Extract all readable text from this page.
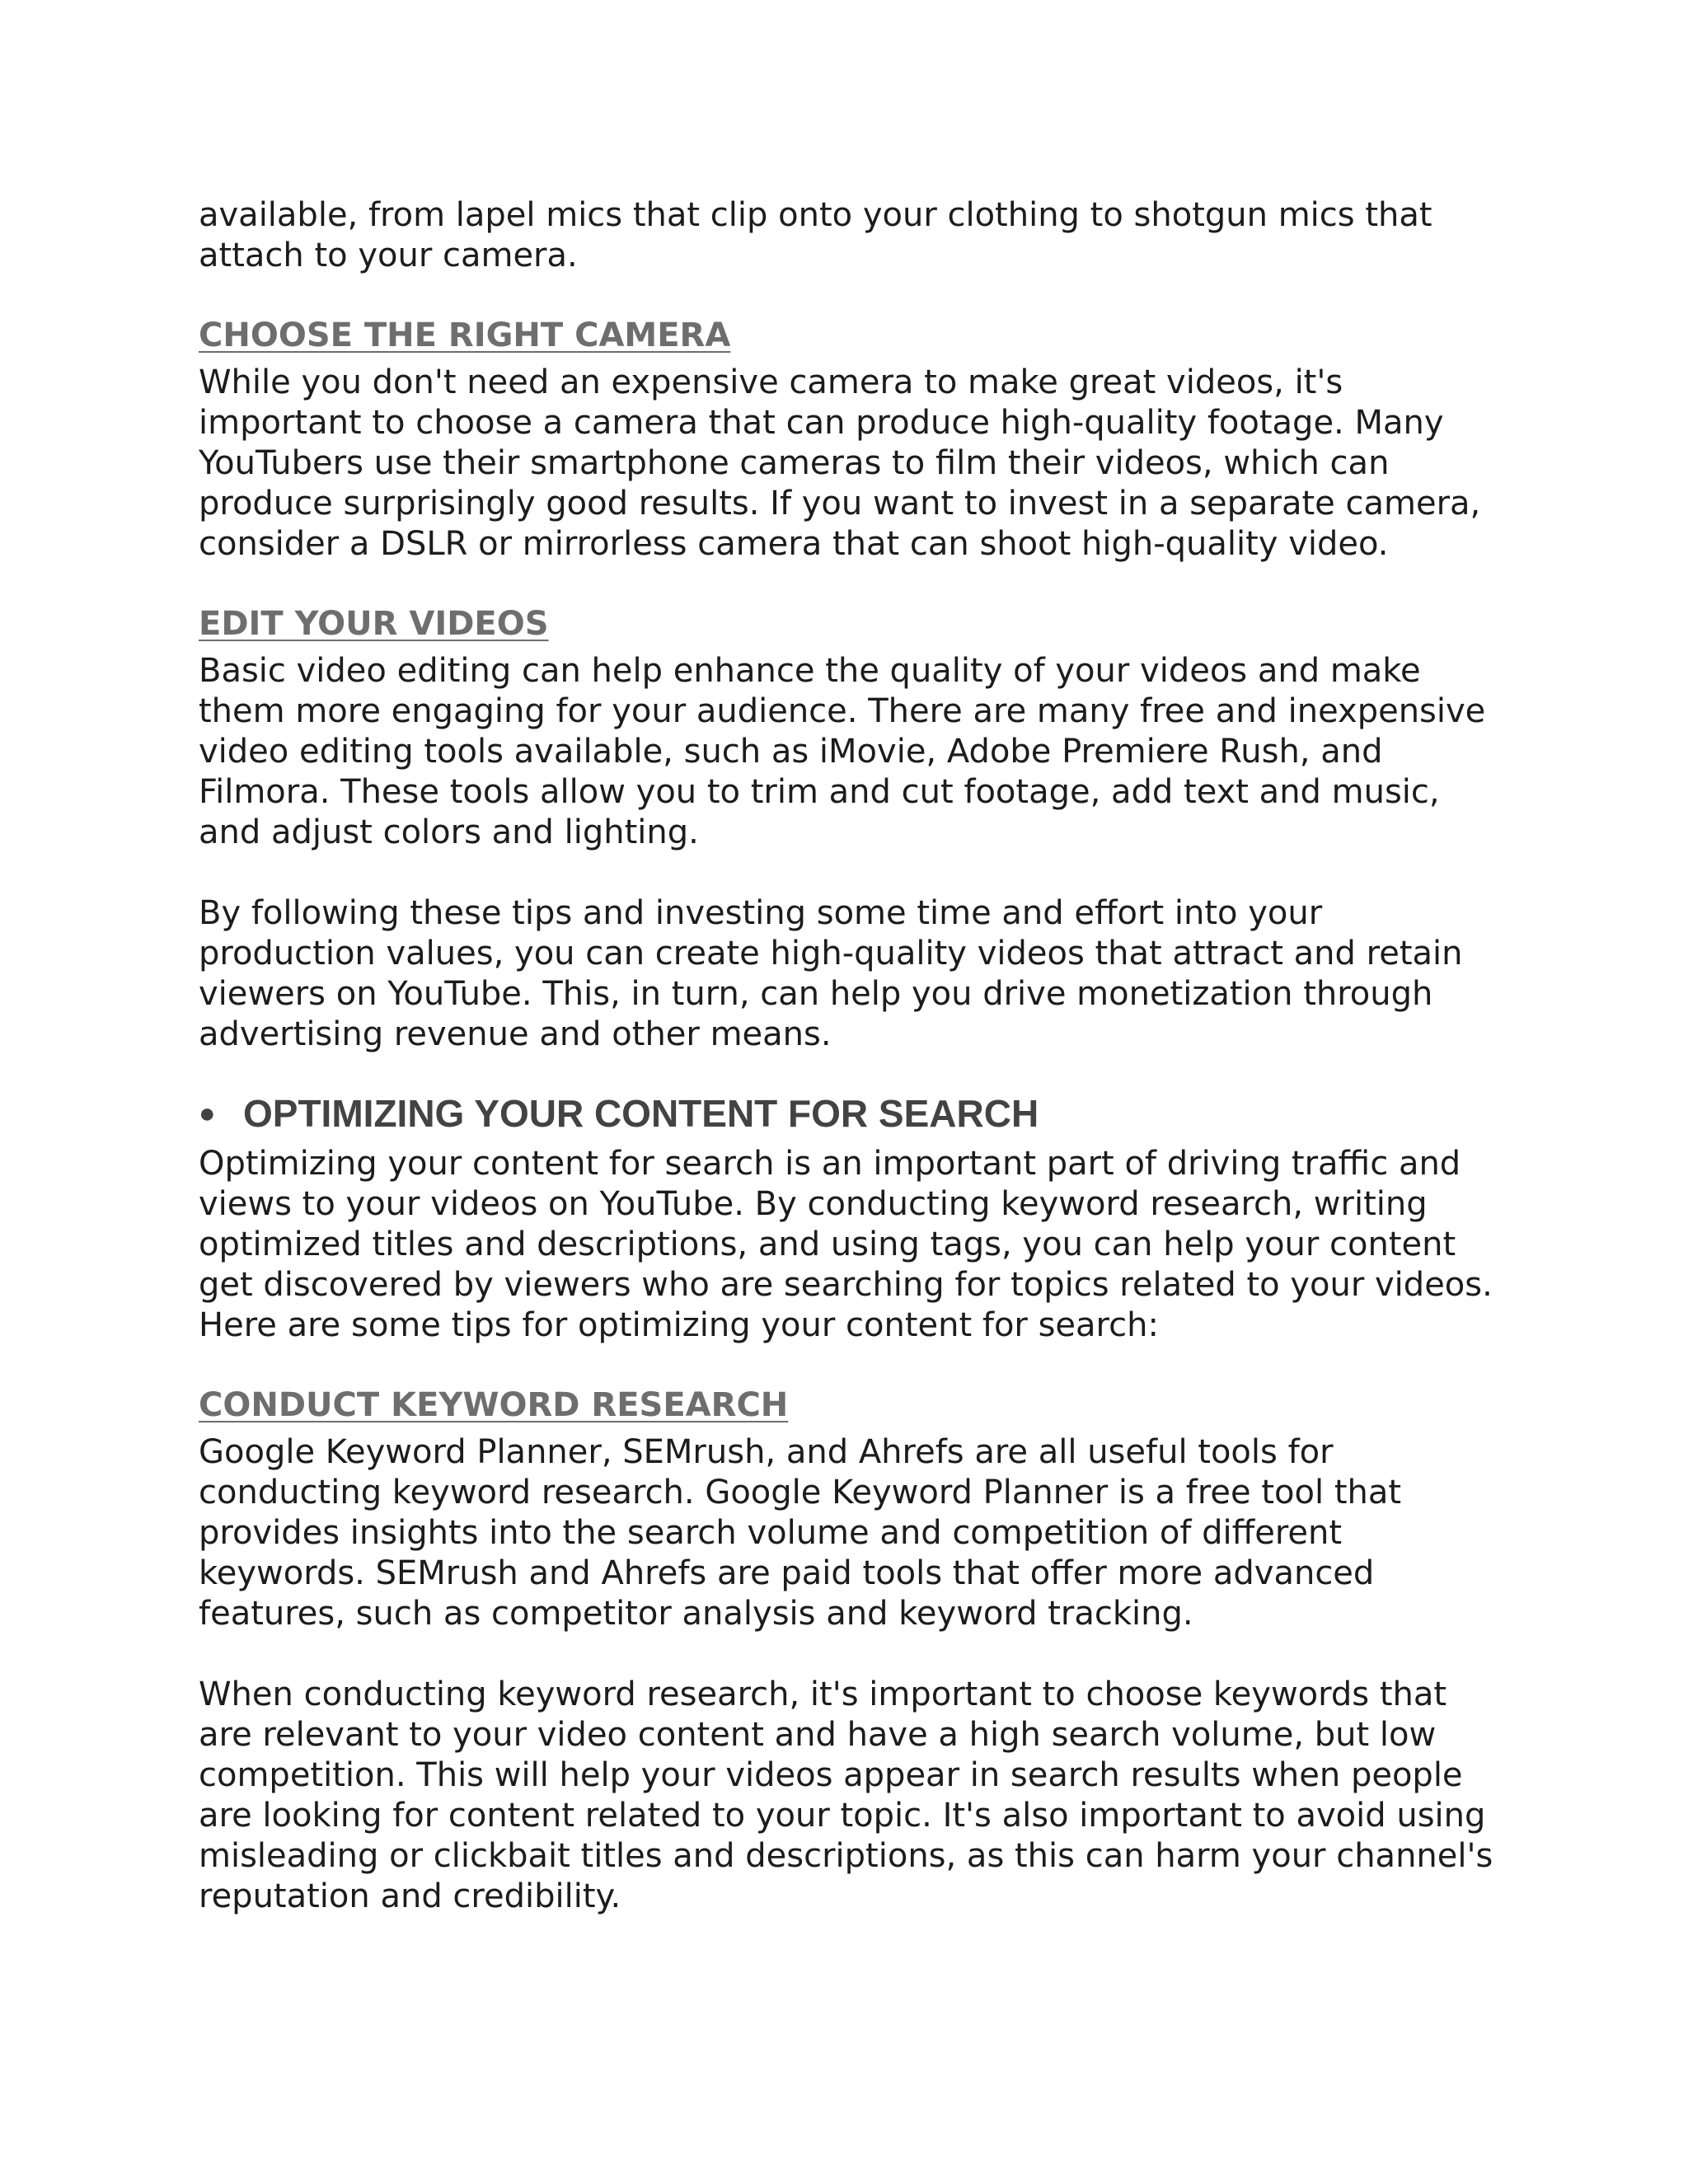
available, from lapel mics that clip onto your clothing to shotgun mics that attach to your camera.

CHOOSE THE RIGHT CAMERA

While you don't need an expensive camera to make great videos, it's important to choose a camera that can produce high-quality footage. Many YouTubers use their smartphone cameras to film their videos, which can produce surprisingly good results. If you want to invest in a separate camera, consider a DSLR or mirrorless camera that can shoot high-quality video.

EDIT YOUR VIDEOS

Basic video editing can help enhance the quality of your videos and make them more engaging for your audience. There are many free and inexpensive video editing tools available, such as iMovie, Adobe Premiere Rush, and Filmora. These tools allow you to trim and cut footage, add text and music, and adjust colors and lighting.

By following these tips and investing some time and effort into your production values, you can create high-quality videos that attract and retain viewers on YouTube. This, in turn, can help you drive monetization through advertising revenue and other means.

● OPTIMIZING YOUR CONTENT FOR SEARCH

Optimizing your content for search is an important part of driving traffic and views to your videos on YouTube. By conducting keyword research, writing optimized titles and descriptions, and using tags, you can help your content get discovered by viewers who are searching for topics related to your videos. Here are some tips for optimizing your content for search:

CONDUCT KEYWORD RESEARCH

Google Keyword Planner, SEMrush, and Ahrefs are all useful tools for conducting keyword research. Google Keyword Planner is a free tool that provides insights into the search volume and competition of different keywords. SEMrush and Ahrefs are paid tools that offer more advanced features, such as competitor analysis and keyword tracking.

When conducting keyword research, it's important to choose keywords that are relevant to your video content and have a high search volume, but low competition. This will help your videos appear in search results when people are looking for content related to your topic. It's also important to avoid using misleading or clickbait titles and descriptions, as this can harm your channel's reputation and credibility.
